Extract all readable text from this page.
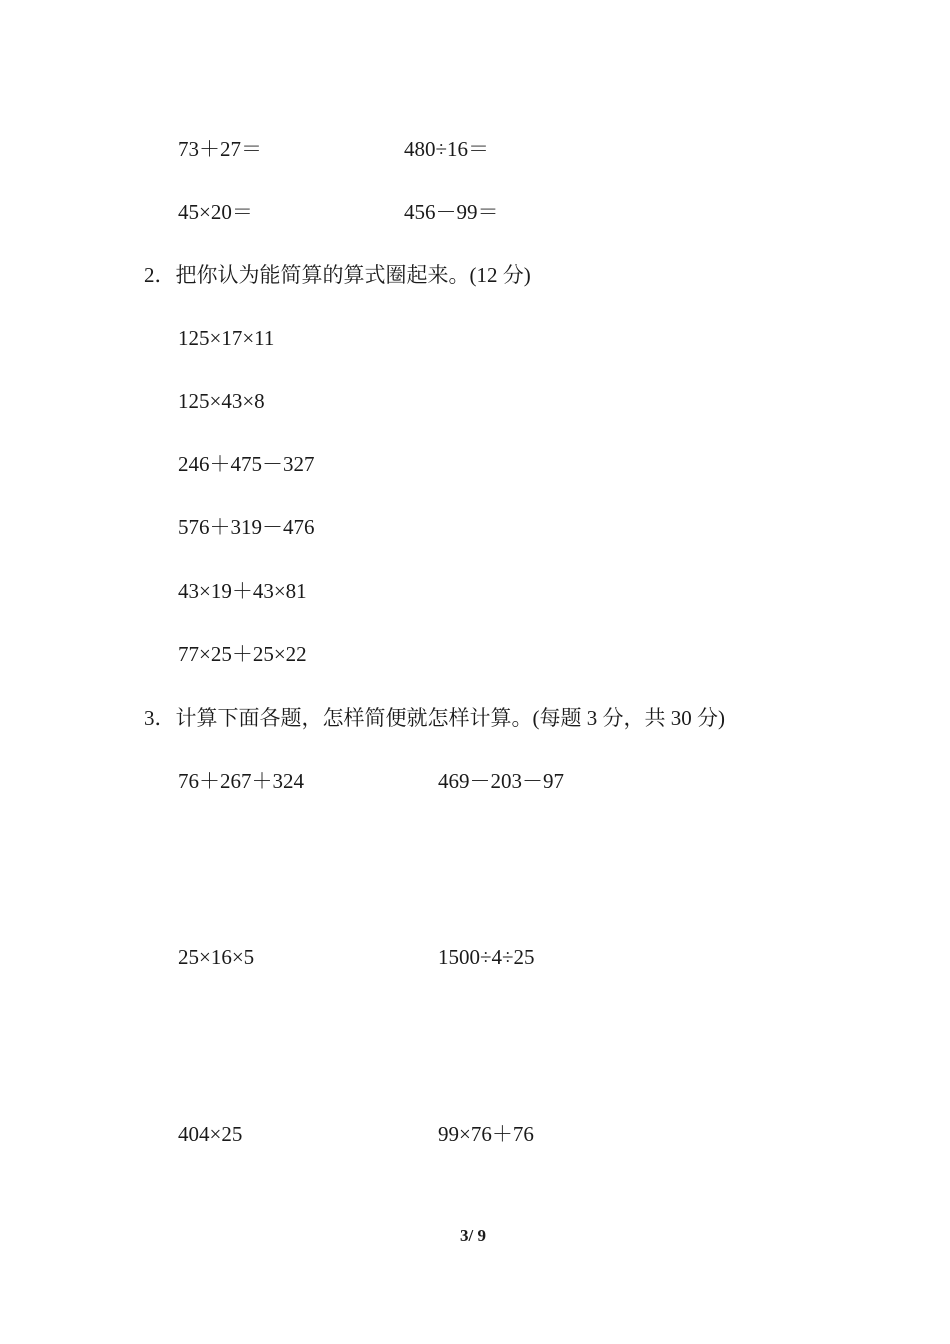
73＋27＝	480÷16＝
45×20＝	456－99＝
2．把你认为能简算的算式圈起来。(12 分)
125×17×11
125×43×8
246＋475－327
576＋319－476
43×19＋43×81
77×25＋25×22
3．计算下面各题，怎样简便就怎样计算。(每题 3 分，共 30 分)
76＋267＋324	469－203－97
25×16×5	1500÷4÷25
404×25	99×76＋76
3/ 9
